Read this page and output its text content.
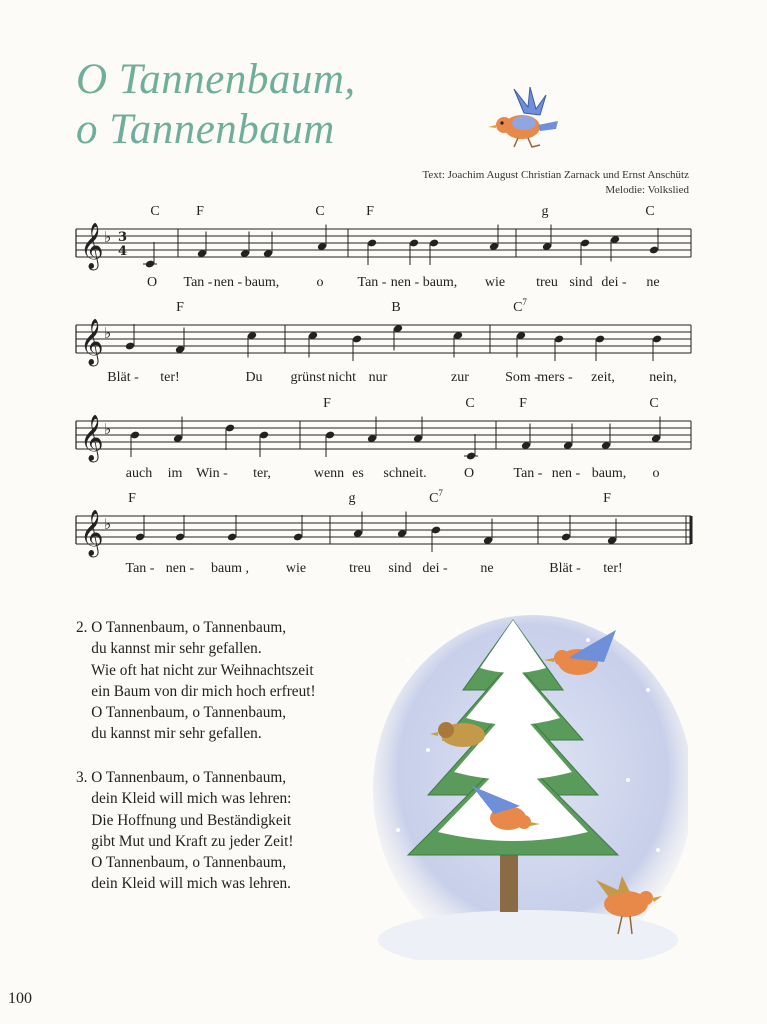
O Tannenbaum,
o Tannenbaum
Text: Joachim August Christian Zarnack und Ernst Anschütz
Melodie: Volkslied
𝄞 ♭ 3
4
C	F	C	F	g	C
O Tan - nen - baum,	o Tan - nen - baum, wie treu sind dei - ne
𝄞 ♭
F	B	$C^7$
Blät - ter!	Du grünst nicht nur	zur	Som -
mers - zeit, nein,
𝄞 ♭
F	C	F	C
auch im Win - ter,	wenn es schneit.	O	Tan - nen - baum, o
𝄞 ♭
F	g	$C^7$	F
Tan - nen - baum ,	wie	treu sind dei - ne	Blät - ter!
2. O Tannenbaum, o Tannenbaum,
du kannst mir sehr gefallen.
Wie oft hat nicht zur Weihnachtszeit
ein Baum von dir mich hoch erfreut!
O Tannenbaum, o Tannenbaum,
du kannst mir sehr gefallen.
3. O Tannenbaum, o Tannenbaum,
dein Kleid will mich was lehren:
Die Hoffnung und Beständigkeit
gibt Mut und Kraft zu jeder Zeit!
O Tannenbaum, o Tannenbaum,
dein Kleid will mich was lehren.
100
